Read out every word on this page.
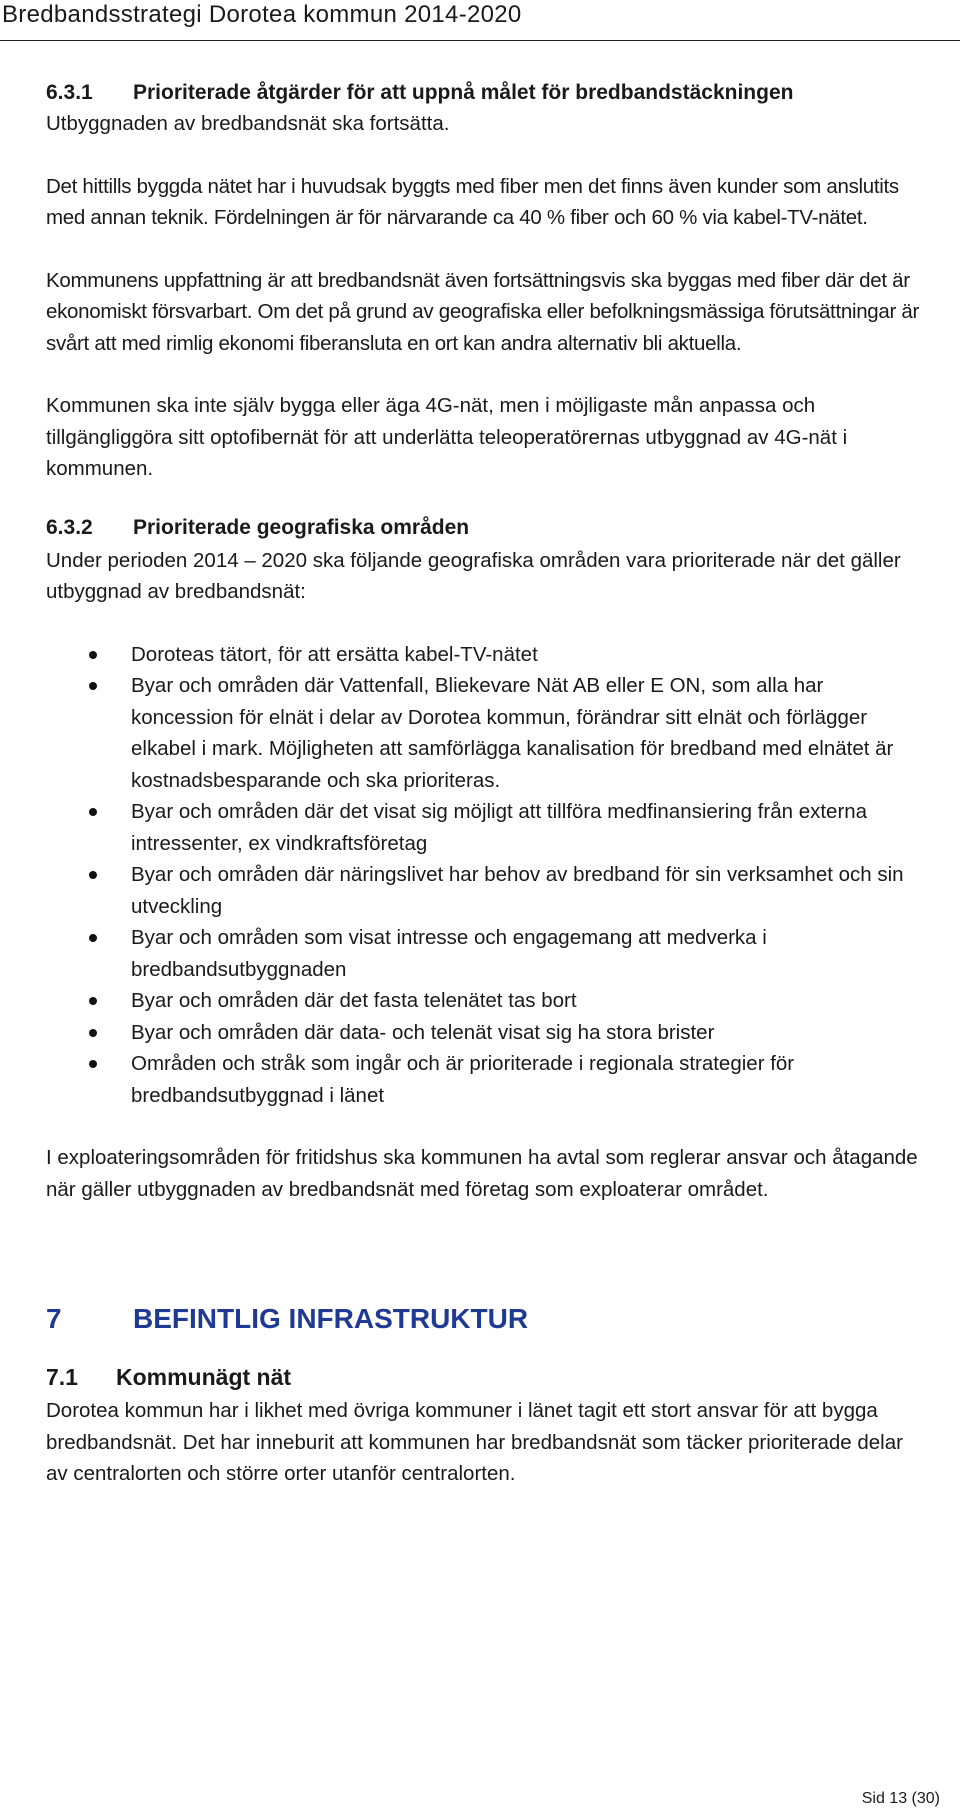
Bredbandsstrategi Dorotea kommun 2014-2020
6.3.1 Prioriterade åtgärder för att uppnå målet för bredbandstäckningen

Utbyggnaden av bredbandsnät ska fortsätta.

Det hittills byggda nätet har i huvudsak byggts med fiber men det finns även kunder som anslutits med annan teknik. Fördelningen är för närvarande ca 40 % fiber och 60 % via kabel-TV-nätet.

Kommunens uppfattning är att bredbandsnät även fortsättningsvis ska byggas med fiber där det är ekonomiskt försvarbart. Om det på grund av geografiska eller befolkningsmässiga förutsättningar är svårt att med rimlig ekonomi fiberansluta en ort kan andra alternativ bli aktuella.

Kommunen ska inte själv bygga eller äga 4G-nät, men i möjligaste mån anpassa och tillgängliggöra sitt optofibernät för att underlätta teleoperatörernas utbyggnad av 4G-nät i kommunen.

6.3.2 Prioriterade geografiska områden

Under perioden 2014 – 2020 ska följande geografiska områden vara prioriterade när det gäller utbyggnad av bredbandsnät:

Doroteas tätort, för att ersätta kabel-TV-nätet
Byar och områden där Vattenfall, Bliekevare Nät AB eller E ON, som alla har koncession för elnät i delar av Dorotea kommun, förändrar sitt elnät och förlägger elkabel i mark. Möjligheten att samförlägga kanalisation för bredband med elnätet är kostnadsbesparande och ska prioriteras.
Byar och områden där det visat sig möjligt att tillföra medfinansiering från externa intressenter, ex vindkraftsföretag
Byar och områden där näringslivet har behov av bredband för sin verksamhet och sin utveckling
Byar och områden som visat intresse och engagemang att medverka i bredbandsutbyggnaden
Byar och områden där det fasta telenätet tas bort
Byar och områden där data- och telenät visat sig ha stora brister
Områden och stråk som ingår och är prioriterade i regionala strategier för bredbandsutbyggnad i länet

I exploateringsområden för fritidshus ska kommunen ha avtal som reglerar ansvar och åtagande när gäller utbyggnaden av bredbandsnät med företag som exploaterar området.

7	BEFINTLIG INFRASTRUKTUR
7.1 Kommunägt nät

Dorotea kommun har i likhet med övriga kommuner i länet tagit ett stort ansvar för att bygga bredbandsnät. Det har inneburit att kommunen har bredbandsnät som täcker prioriterade delar av centralorten och större orter utanför centralorten.

Sid 13 (30)
